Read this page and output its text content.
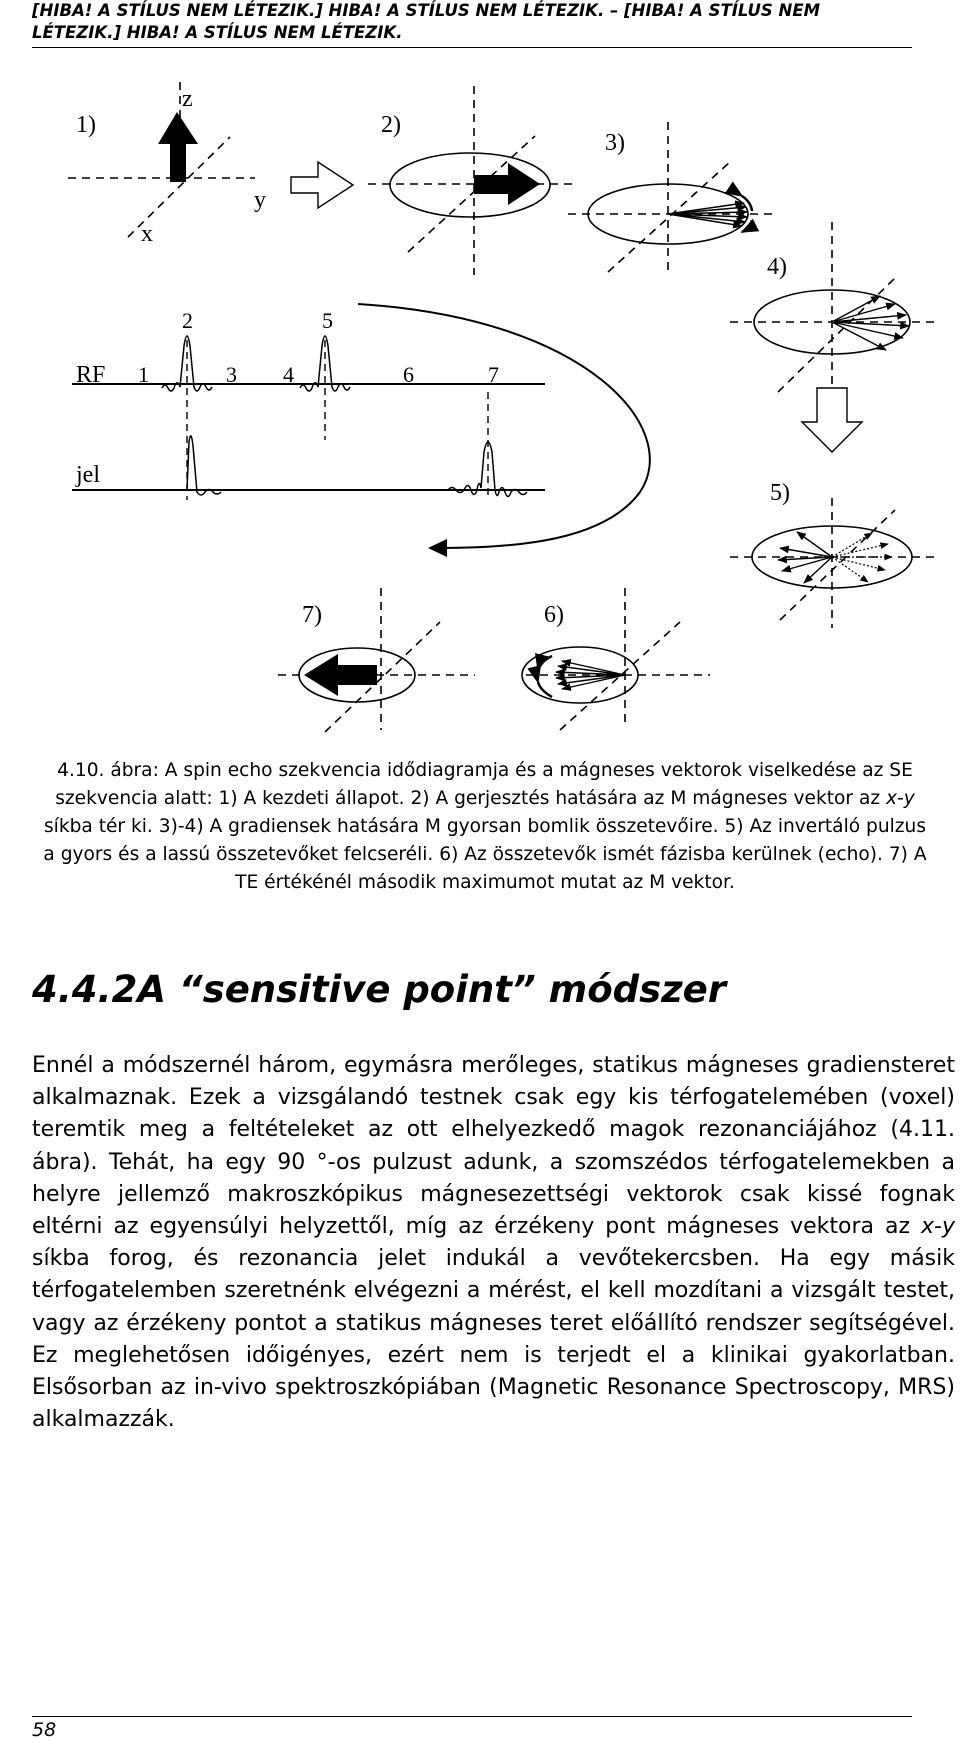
[HIBA! A STÍLUS NEM LÉTEZIK.] HIBA! A STÍLUS NEM LÉTEZIK. – [HIBA! A STÍLUS NEM LÉTEZIK.] HIBA! A STÍLUS NEM LÉTEZIK.
1)
z
y
x
2)
3)
4)
5)
RF 1
2
3 4
5
6	7
jel
7)	6)

4.10. ábra: A spin echo szekvencia idődiagramja és a mágneses vektorok viselkedése az SE szekvencia alatt: 1) A kezdeti állapot. 2) A gerjesztés hatására az M mágneses vektor az x-y síkba tér ki. 3)-4) A gradiensek hatására M gyorsan bomlik összetevőire. 5) Az invertáló pulzus a gyors és a lassú összetevőket felcseréli. 6) Az összetevők ismét fázisba kerülnek (echo). 7) A TE értékénél második maximumot mutat az M vektor.

4.4.2A “sensitive point” módszer

Ennél a módszernél három, egymásra merőleges, statikus mágneses gradiensteret alkalmaznak. Ezek a vizsgálandó testnek csak egy kis térfogatelemében (voxel) teremtik meg a feltételeket az ott elhelyezkedő magok rezonanciájához (4.11. ábra). Tehát, ha egy 90 °-os pulzust adunk, a szomszédos térfogatelemekben a helyre jellemző makroszkópikus mágnesezettségi vektorok csak kissé fognak eltérni az egyensúlyi helyzettől, míg az érzékeny pont mágneses vektora az x-y síkba forog, és rezonancia jelet indukál a vevőtekercsben. Ha egy másik térfogatelemben szeretnénk elvégezni a mérést, el kell mozdítani a vizsgált testet, vagy az érzékeny pontot a statikus mágneses teret előállító rendszer segítségével. Ez meglehetősen időigényes, ezért nem is terjedt el a klinikai gyakorlatban. Elsősorban az in-vivo spektroszkópiában (Magnetic Resonance Spectroscopy, MRS) alkalmazzák.

58
